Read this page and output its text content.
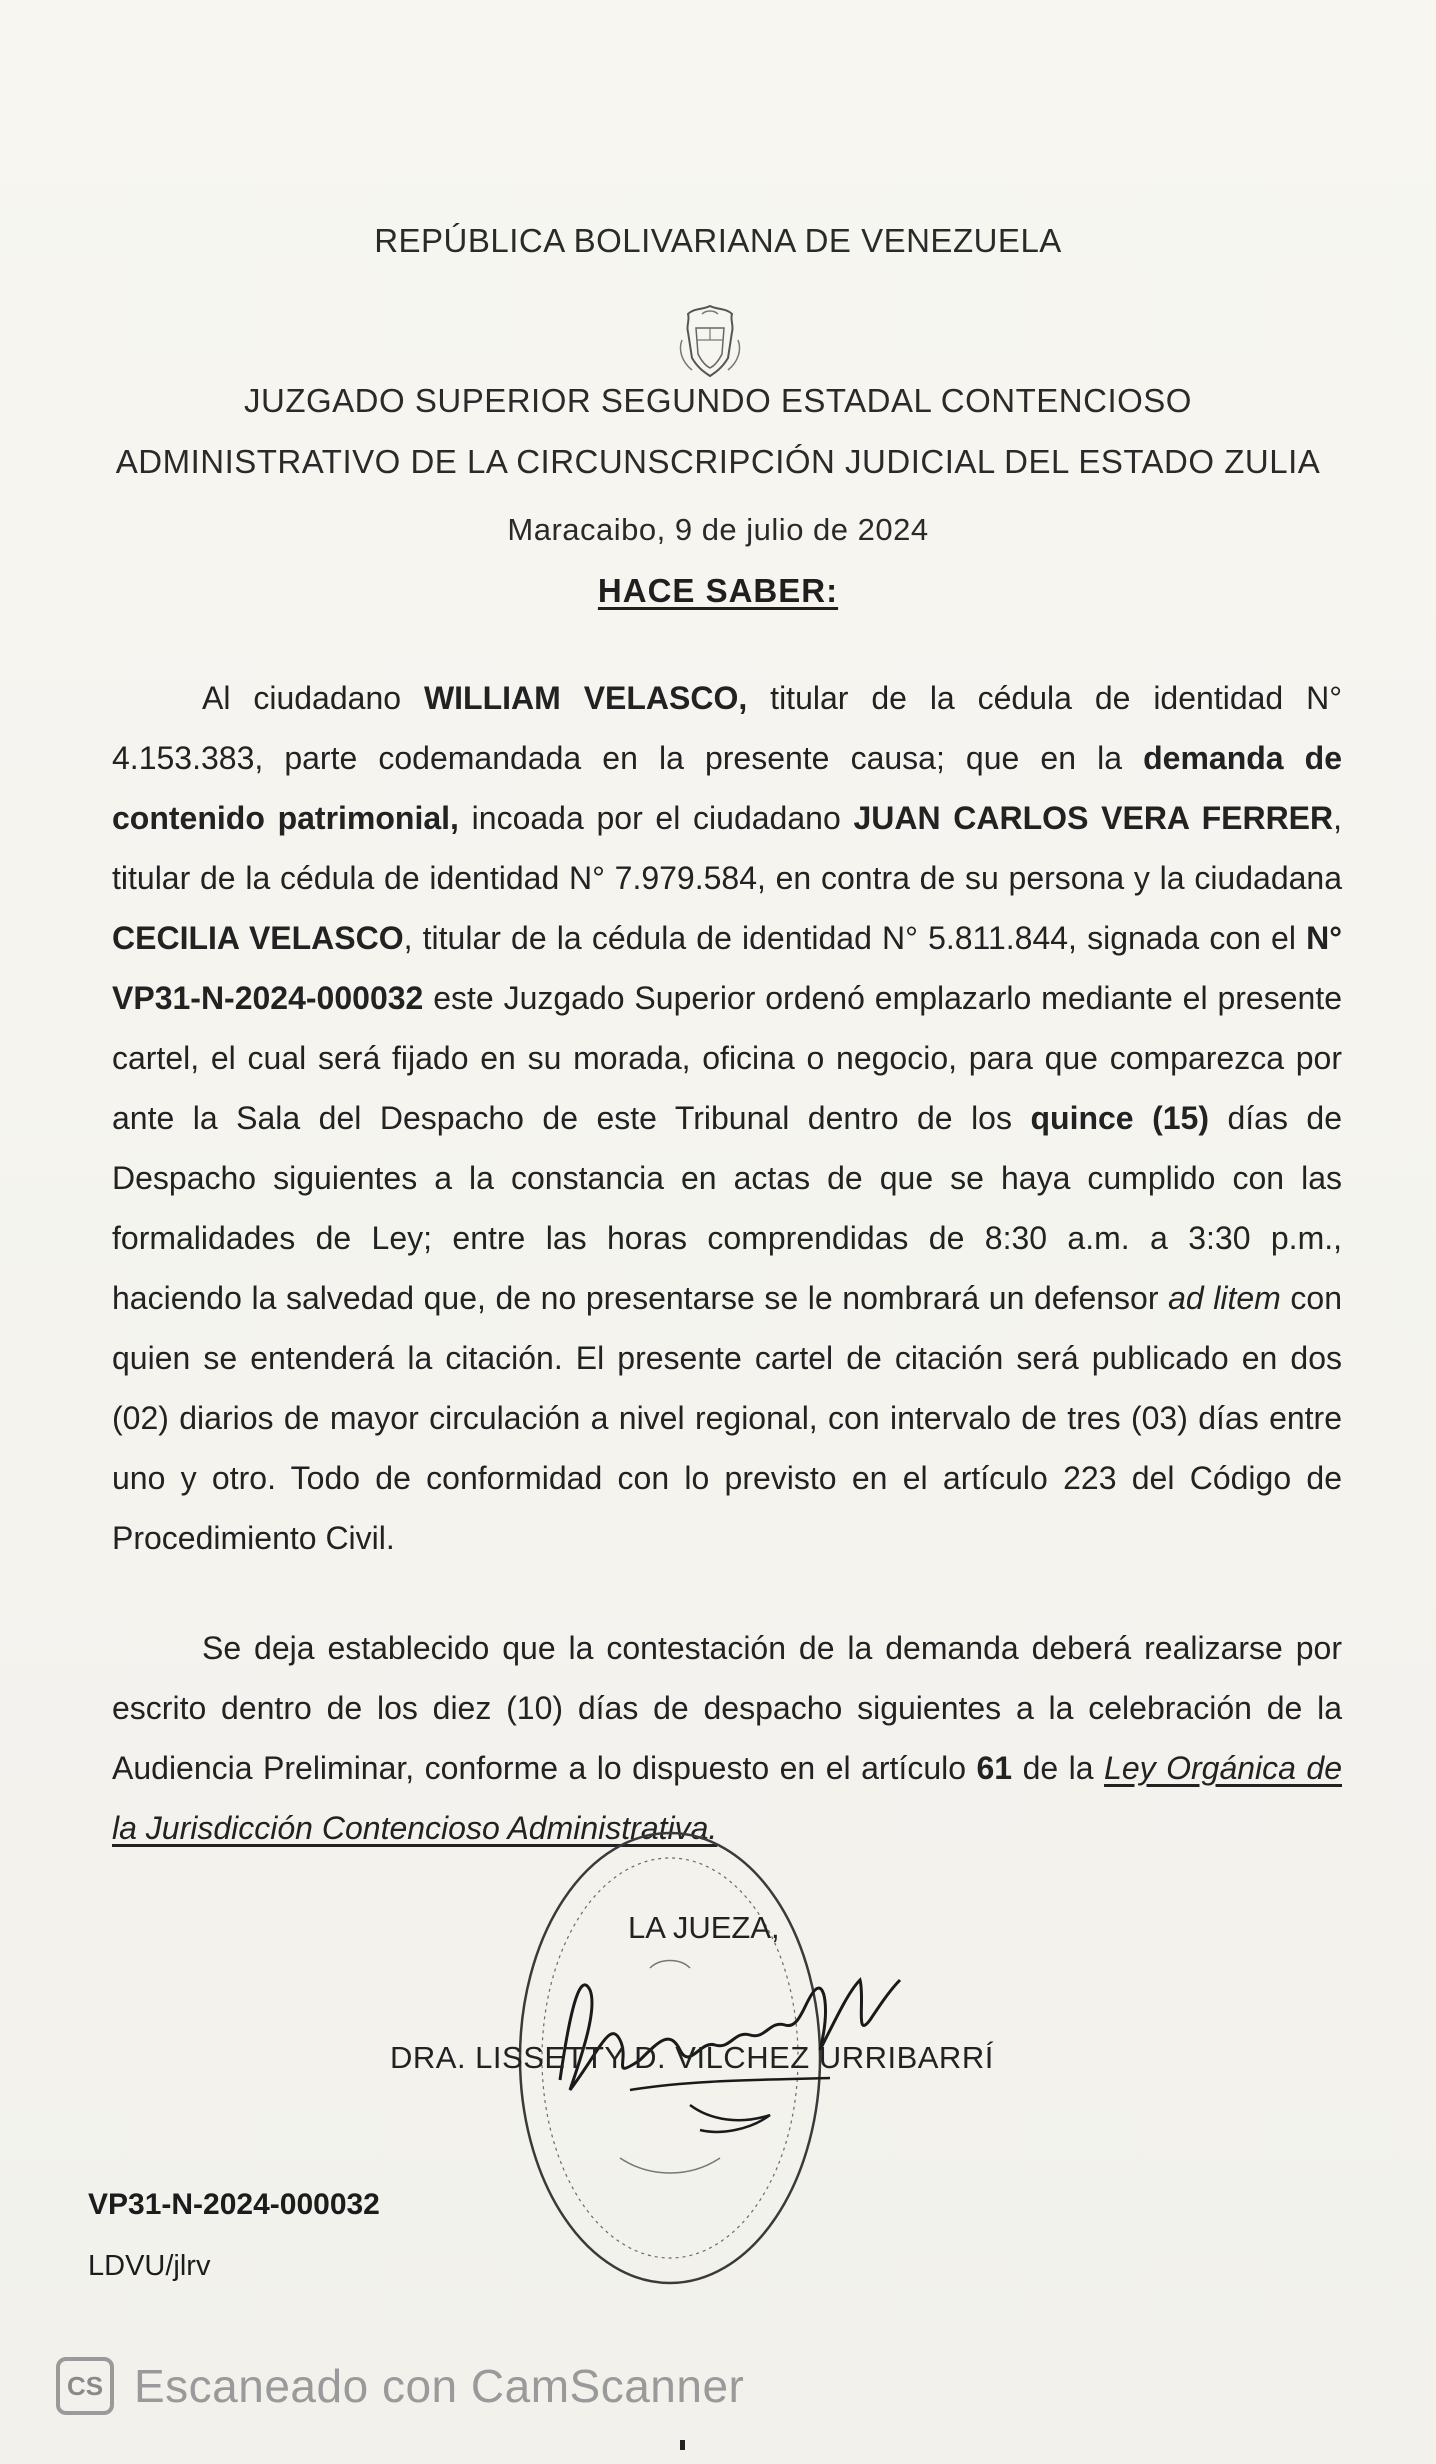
REPÚBLICA BOLIVARIANA DE VENEZUELA
JUZGADO SUPERIOR SEGUNDO ESTADAL CONTENCIOSO
ADMINISTRATIVO DE LA CIRCUNSCRIPCIÓN JUDICIAL DEL ESTADO ZULIA
Maracaibo, 9 de julio de 2024
HACE SABER:
Al ciudadano WILLIAM VELASCO, titular de la cédula de identidad N° 4.153.383, parte codemandada en la presente causa; que en la demanda de contenido patrimonial, incoada por el ciudadano JUAN CARLOS VERA FERRER, titular de la cédula de identidad N° 7.979.584, en contra de su persona y la ciudadana CECILIA VELASCO, titular de la cédula de identidad N° 5.811.844, signada con el N° VP31-N-2024-000032 este Juzgado Superior ordenó emplazarlo mediante el presente cartel, el cual será fijado en su morada, oficina o negocio, para que comparezca por ante la Sala del Despacho de este Tribunal dentro de los quince (15) días de Despacho siguientes a la constancia en actas de que se haya cumplido con las formalidades de Ley; entre las horas comprendidas de 8:30 a.m. a 3:30 p.m., haciendo la salvedad que, de no presentarse se le nombrará un defensor ad litem con quien se entenderá la citación. El presente cartel de citación será publicado en dos (02) diarios de mayor circulación a nivel regional, con intervalo de tres (03) días entre uno y otro. Todo de conformidad con lo previsto en el artículo 223 del Código de Procedimiento Civil.
Se deja establecido que la contestación de la demanda deberá realizarse por escrito dentro de los diez (10) días de despacho siguientes a la celebración de la Audiencia Preliminar, conforme a lo dispuesto en el artículo 61 de la Ley Orgánica de la Jurisdicción Contencioso Administrativa.
LA JUEZA,
DRA. LISSETTY D. VILCHEZ URRIBARRÍ
VP31-N-2024-000032
LDVU/jlrv
CS Escaneado con CamScanner
